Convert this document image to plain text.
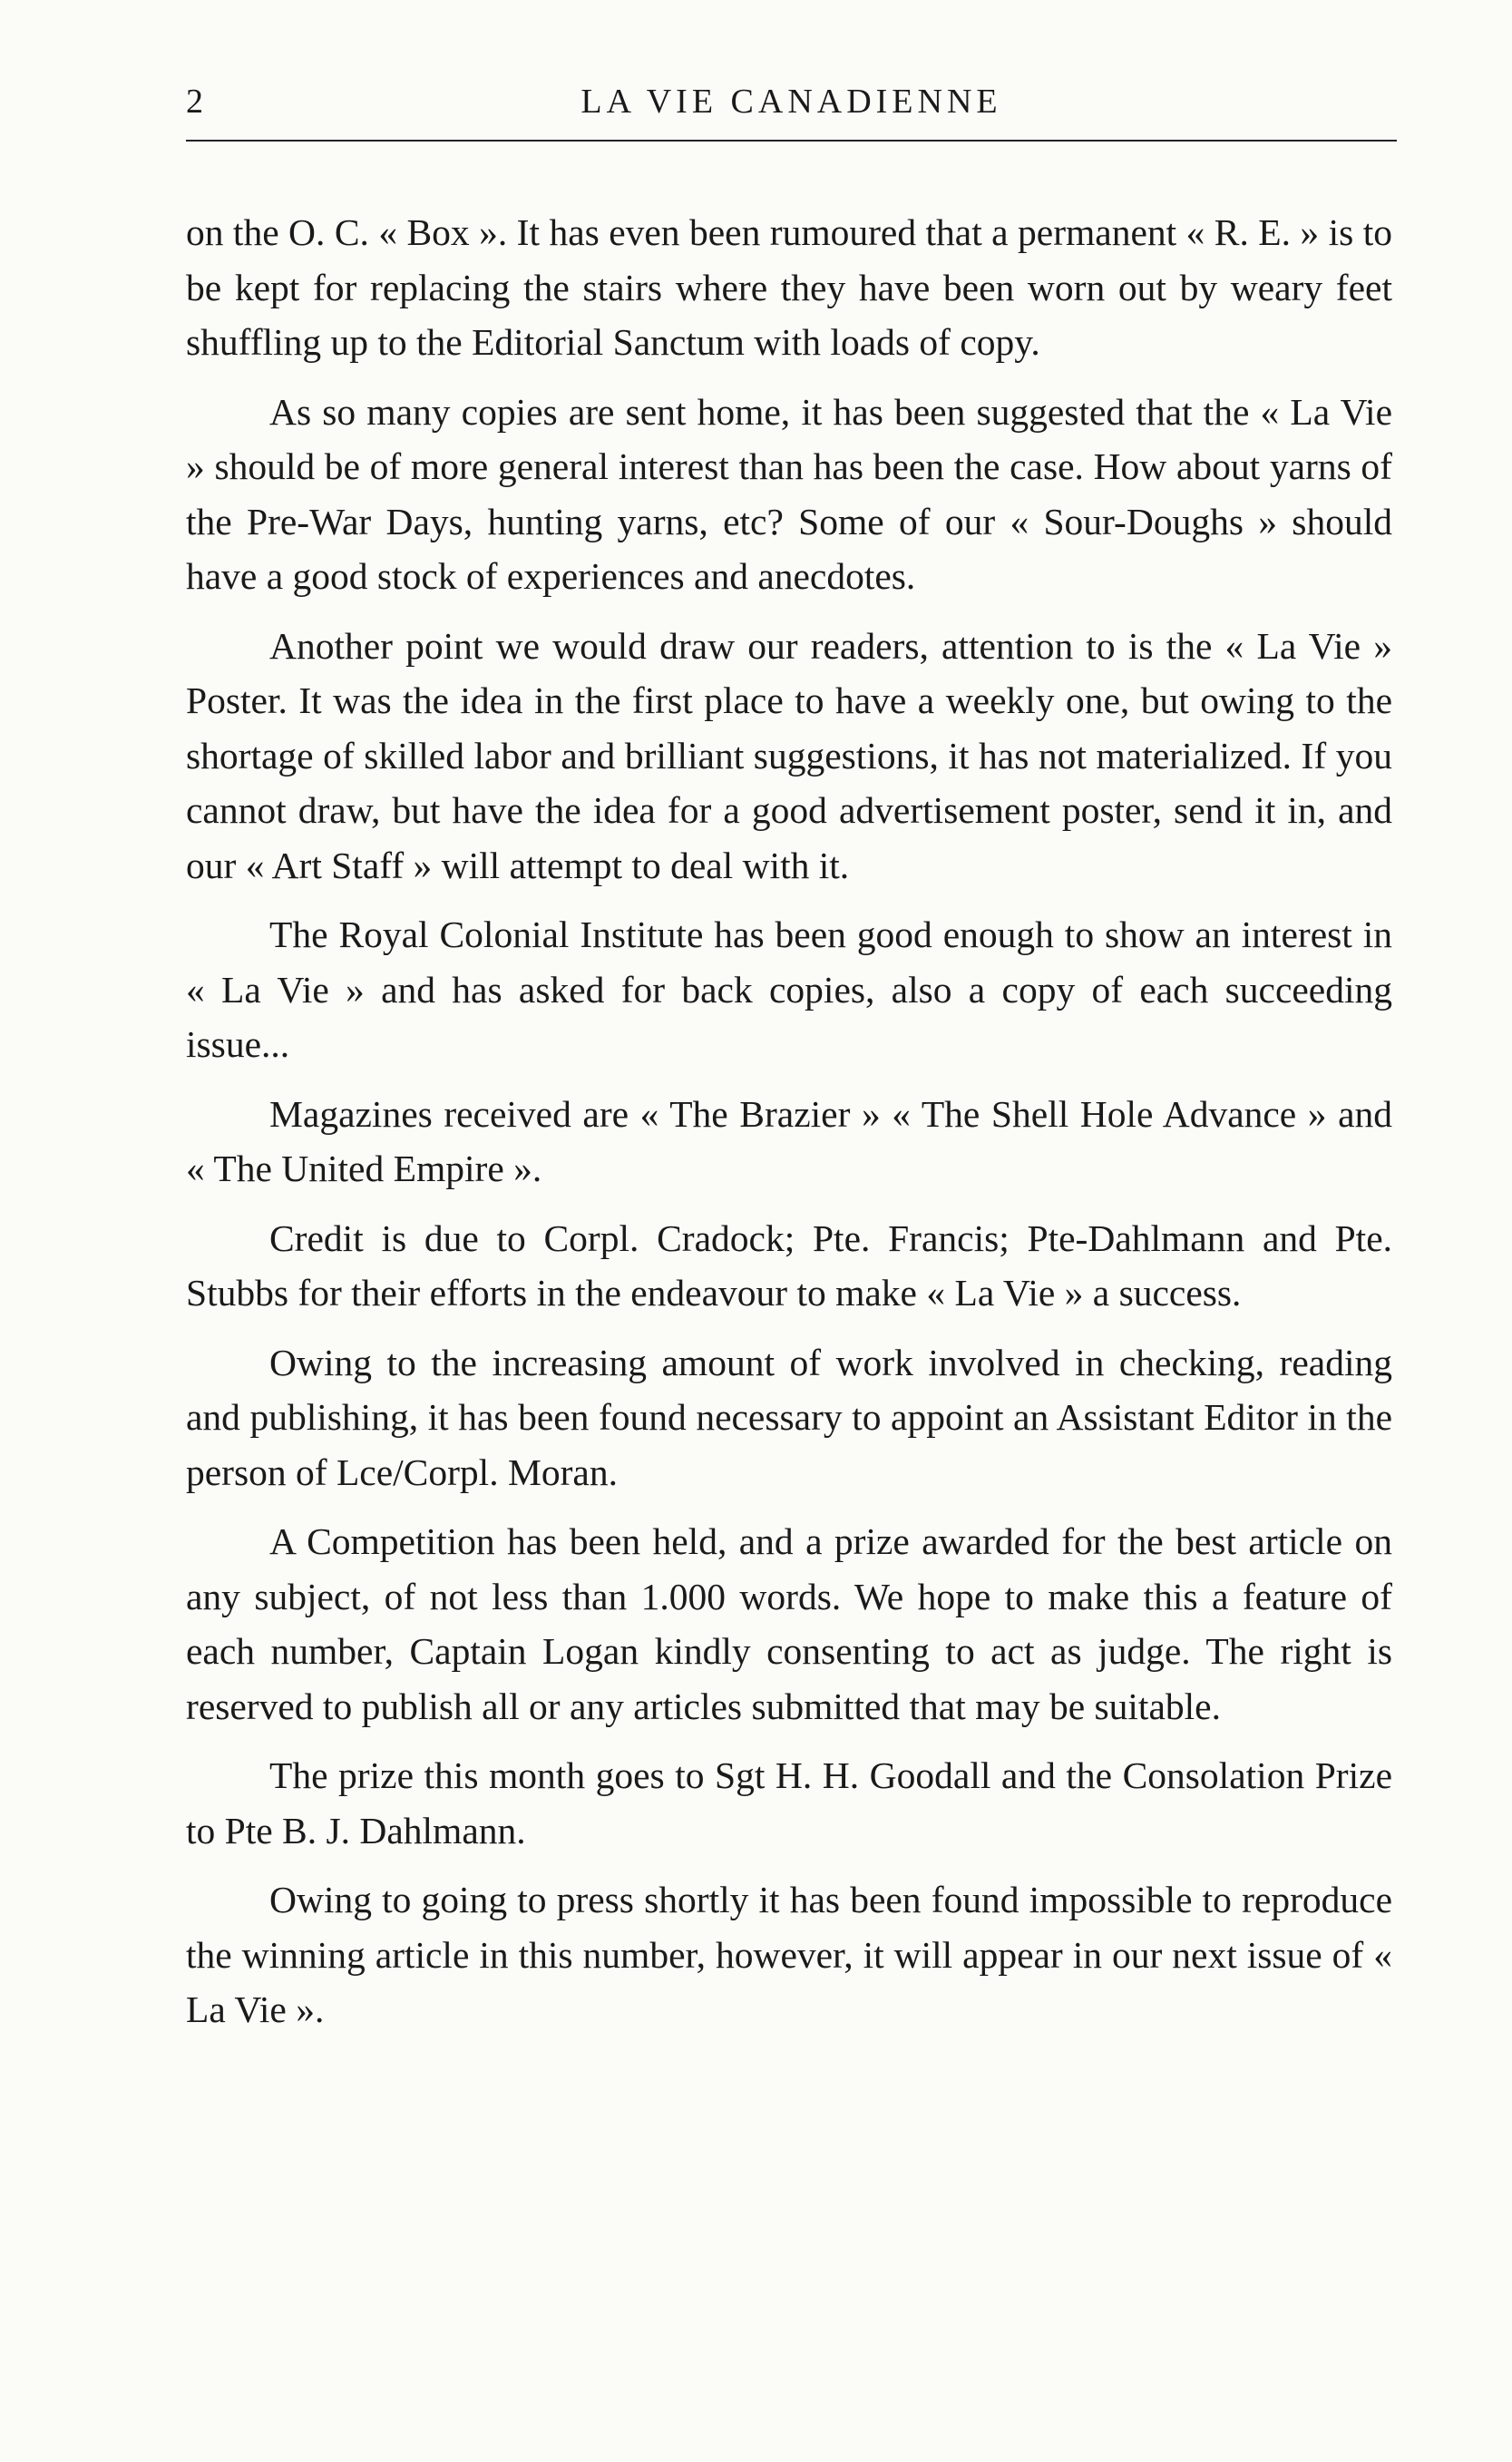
2	LA VIE CANADIENNE

on the O. C. « Box ». It has even been rumoured that a permanent « R. E. » is to be kept for replacing the stairs where they have been worn out by weary feet shuffling up to the Editorial Sanctum with loads of copy.

As so many copies are sent home, it has been suggested that the « La Vie » should be of more general interest than has been the case. How about yarns of the Pre-War Days, hunting yarns, etc? Some of our « Sour-Doughs » should have a good stock of experiences and anecdotes.

Another point we would draw our readers, attention to is the « La Vie » Poster. It was the idea in the first place to have a weekly one, but owing to the shortage of skilled labor and brilliant suggestions, it has not materialized. If you cannot draw, but have the idea for a good advertisement poster, send it in, and our « Art Staff » will attempt to deal with it.

The Royal Colonial Institute has been good enough to show an interest in « La Vie » and has asked for back copies, also a copy of each succeeding issue...

Magazines received are « The Brazier » « The Shell Hole Advance » and « The United Empire ».

Credit is due to Corpl. Cradock; Pte. Francis; Pte-Dahlmann and Pte. Stubbs for their efforts in the endeavour to make « La Vie » a success.

Owing to the increasing amount of work involved in checking, reading and publishing, it has been found necessary to appoint an Assistant Editor in the person of Lce/Corpl. Moran.

A Competition has been held, and a prize awarded for the best article on any subject, of not less than 1.000 words. We hope to make this a feature of each number, Captain Logan kindly consenting to act as judge. The right is reserved to publish all or any articles submitted that may be suitable.

The prize this month goes to Sgt H. H. Goodall and the Consolation Prize to Pte B. J. Dahlmann.

Owing to going to press shortly it has been found impossible to reproduce the winning article in this number, however, it will appear in our next issue of « La Vie ».
